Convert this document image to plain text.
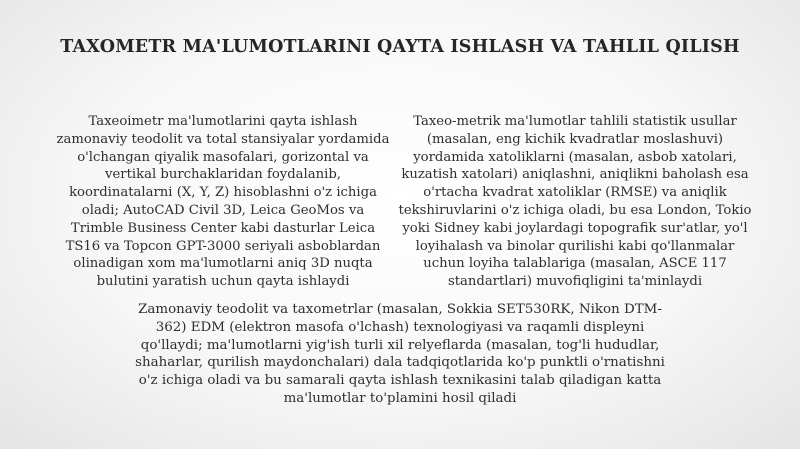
TAXOMETR MA'LUMOTLARINI QAYTA ISHLASH VA TAHLIL QILISH
Taxeoimetr ma'lumotlarini qayta ishlash zamonaviy teodolit va total stansiyalar yordamida o'lchangan qiyalik masofalari, gorizontal va vertikal burchaklaridan foydalanib, koordinatalarni (X, Y, Z) hisoblashni o'z ichiga oladi; AutoCAD Civil 3D, Leica GeoMos va Trimble Business Center kabi dasturlar Leica TS16 va Topcon GPT-3000 seriyali asboblardan olinadigan xom ma'lumotlarni aniq 3D nuqta bulutini yaratish uchun qayta ishlaydi
Taxeo-metrik ma'lumotlar tahlili statistik usullar (masalan, eng kichik kvadratlar moslashuvi) yordamida xatoliklarni (masalan, asbob xatolari, kuzatish xatolari) aniqlashni, aniqlikni baholash esa o'rtacha kvadrat xatoliklar (RMSE) va aniqlik tekshiruvlarini o'z ichiga oladi, bu esa London, Tokio yoki Sidney kabi joylardagi topografik sur'atlar, yo'l loyihalash va binolar qurilishi kabi qo'llanmalar uchun loyiha talablariga (masalan, ASCE 117 standartlari) muvofiqligini ta'minlaydi
Zamonaviy teodolit va taxometrlar (masalan, Sokkia SET530RK, Nikon DTM-362) EDM (elektron masofa o'lchash) texnologiyasi va raqamli displeyni qo'llaydi; ma'lumotlarni yig'ish turli xil relyeflarda (masalan, tog'li hududlar, shaharlar, qurilish maydonchalari) dala tadqiqotlarida ko'p punktli o'rnatishni o'z ichiga oladi va bu samarali qayta ishlash texnikasini talab qiladigan katta ma'lumotlar to'plamini hosil qiladi
